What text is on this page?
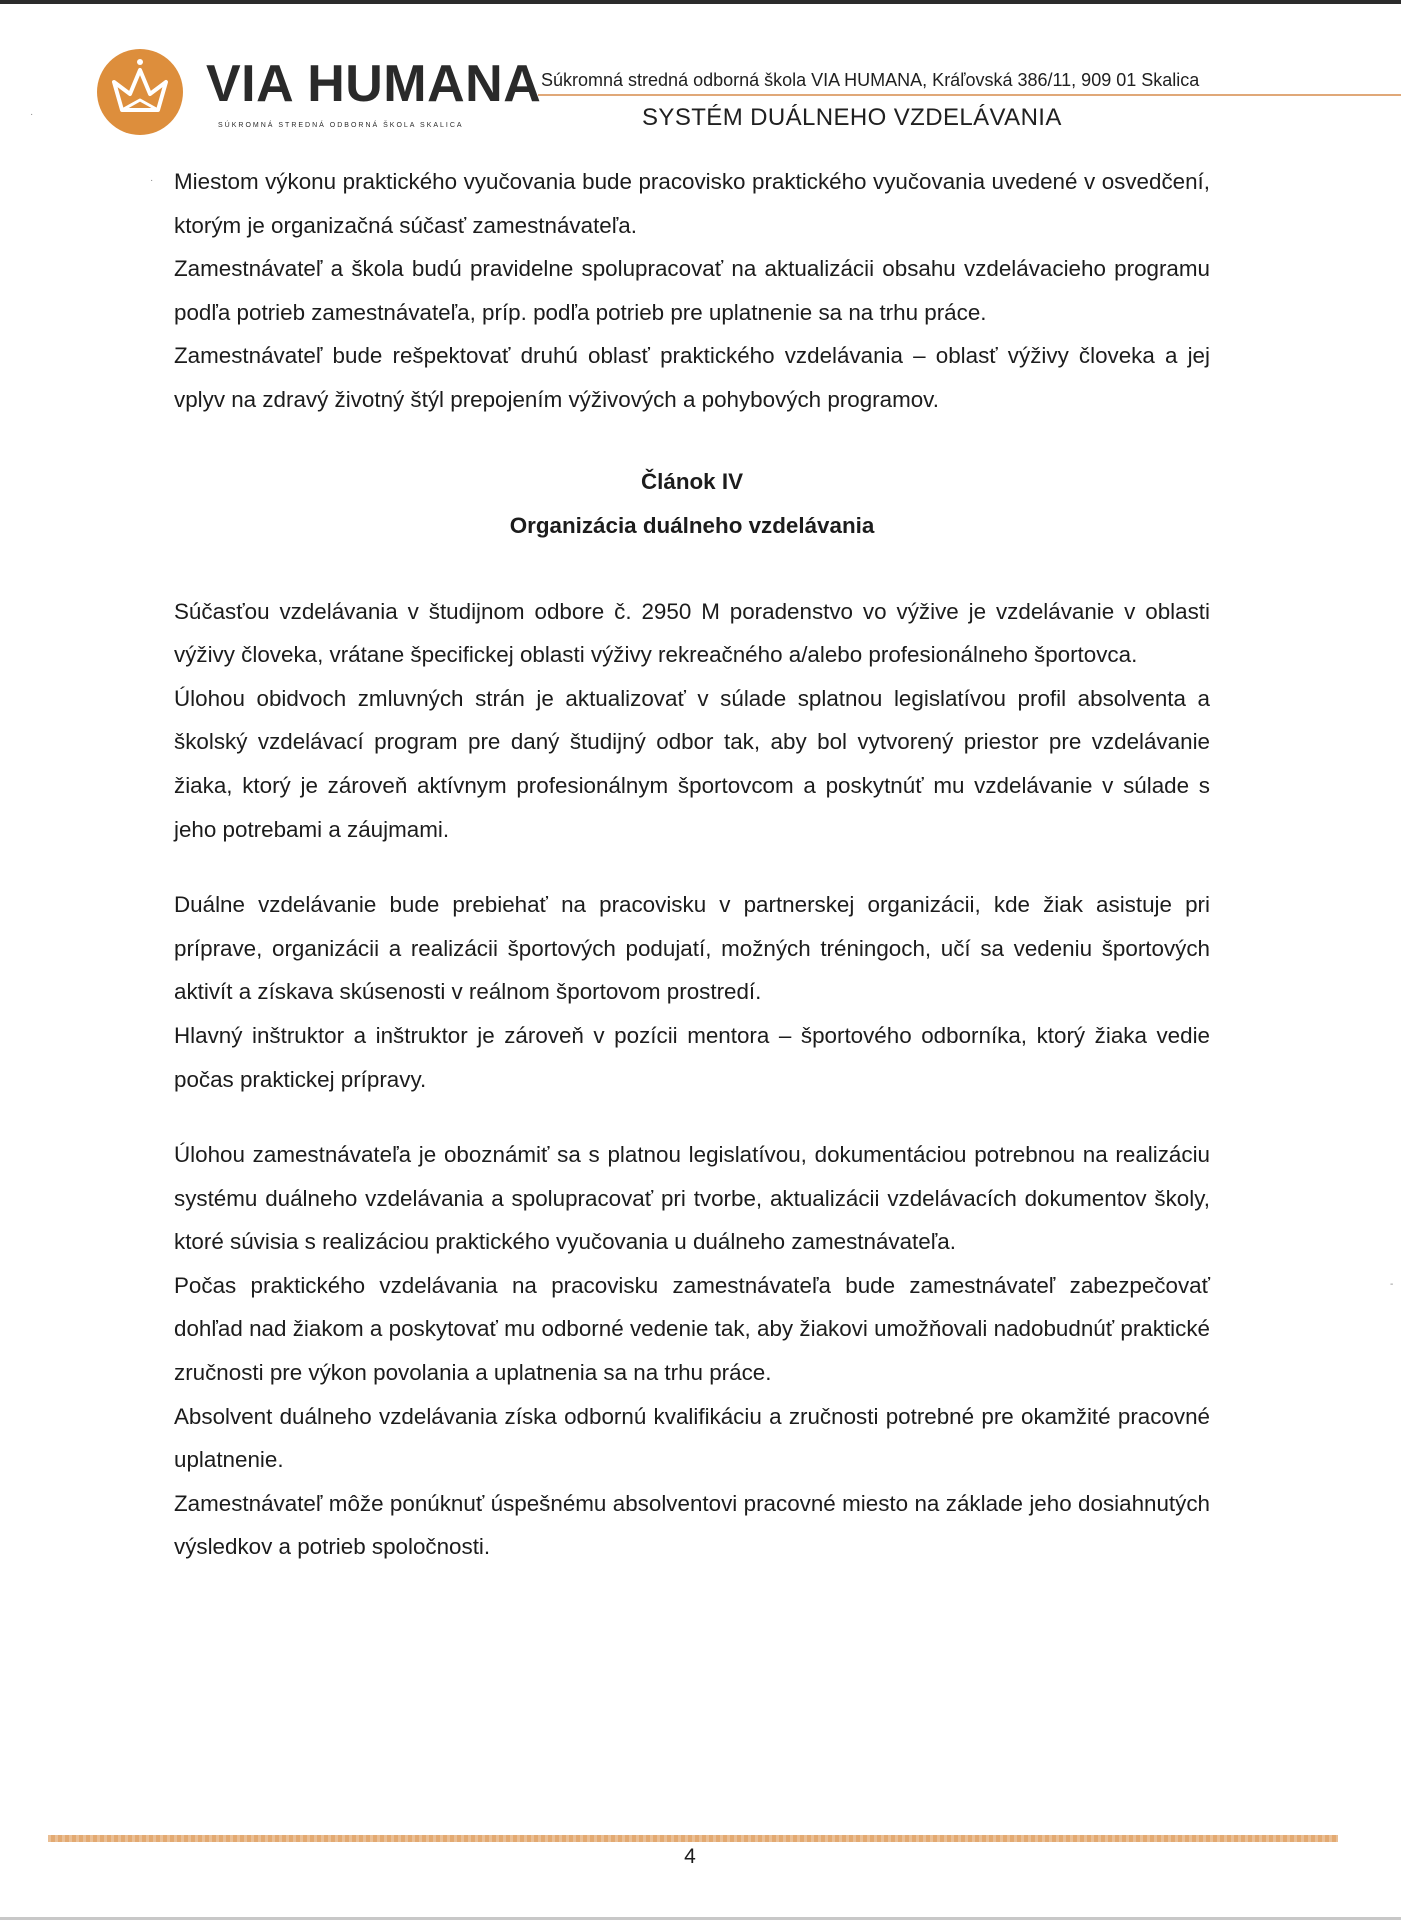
VIA HUMANA
SÚKROMNÁ STREDNÁ ODBORNÁ ŠKOLA SKALICA
Súkromná stredná odborná škola VIA HUMANA, Kráľovská 386/11, 909 01 Skalica
SYSTÉM DUÁLNEHO VZDELÁVANIA
·
·
-

Miestom výkonu praktického vyučovania bude pracovisko praktického vyučovania uvedené v osvedčení, ktorým je organizačná súčasť zamestnávateľa.

Zamestnávateľ a škola budú pravidelne spolupracovať na aktualizácii obsahu vzdelávacieho programu podľa potrieb zamestnávateľa, príp. podľa potrieb pre uplatnenie sa na trhu práce.

Zamestnávateľ bude rešpektovať druhú oblasť praktického vzdelávania – oblasť výživy človeka a jej vplyv na zdravý životný štýl prepojením výživových a pohybových programov.

Článok IV

Organizácia duálneho vzdelávania

Súčasťou vzdelávania v študijnom odbore č. 2950 M poradenstvo vo výžive je vzdelávanie v oblasti výživy človeka, vrátane špecifickej oblasti výživy rekreačného a/alebo profesionálneho športovca.

Úlohou obidvoch zmluvných strán je aktualizovať v súlade splatnou legislatívou profil absolventa a školský vzdelávací program pre daný študijný odbor tak, aby bol vytvorený priestor pre vzdelávanie žiaka, ktorý je zároveň aktívnym profesionálnym športovcom a poskytnúť mu vzdelávanie v súlade s jeho potrebami a záujmami.

Duálne vzdelávanie bude prebiehať na pracovisku v partnerskej organizácii, kde žiak asistuje pri príprave, organizácii a realizácii športových podujatí, možných tréningoch, učí sa vedeniu športových aktivít a získava skúsenosti v reálnom športovom prostredí.

Hlavný inštruktor a inštruktor je zároveň v pozícii mentora – športového odborníka, ktorý žiaka vedie počas praktickej prípravy.

Úlohou zamestnávateľa je oboznámiť sa s platnou legislatívou, dokumentáciou potrebnou na realizáciu systému duálneho vzdelávania a spolupracovať pri tvorbe, aktualizácii vzdelávacích dokumentov školy, ktoré súvisia s realizáciou praktického vyučovania u duálneho zamestnávateľa.

Počas praktického vzdelávania na pracovisku zamestnávateľa bude zamestnávateľ zabezpečovať dohľad nad žiakom a poskytovať mu odborné vedenie tak, aby žiakovi umožňovali nadobudnúť praktické zručnosti pre výkon povolania a uplatnenia sa na trhu práce.

Absolvent duálneho vzdelávania získa odbornú kvalifikáciu a zručnosti potrebné pre okamžité pracovné uplatnenie.

Zamestnávateľ môže ponúknuť úspešnému absolventovi pracovné miesto na základe jeho dosiahnutých výsledkov a potrieb spoločnosti.

4
